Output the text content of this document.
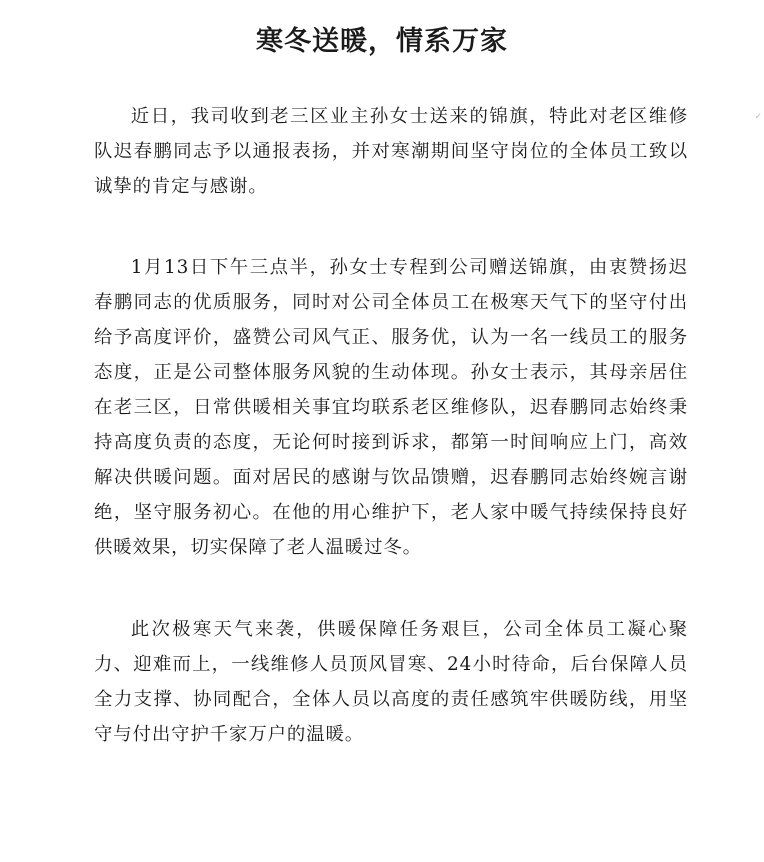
寒冬送暖，情系万家

近日，我司收到老三区业主孙女士送来的锦旗，特此对老区维修队迟春鹏同志予以通报表扬，并对寒潮期间坚守岗位的全体员工致以诚挚的肯定与感谢。

1月13日下午三点半，孙女士专程到公司赠送锦旗，由衷赞扬迟春鹏同志的优质服务，同时对公司全体员工在极寒天气下的坚守付出给予高度评价，盛赞公司风气正、服务优，认为一名一线员工的服务态度，正是公司整体服务风貌的生动体现。孙女士表示，其母亲居住在老三区，日常供暖相关事宜均联系老区维修队，迟春鹏同志始终秉持高度负责的态度，无论何时接到诉求，都第一时间响应上门，高效解决供暖问题。面对居民的感谢与饮品馈赠，迟春鹏同志始终婉言谢绝，坚守服务初心。在他的用心维护下，老人家中暖气持续保持良好供暖效果，切实保障了老人温暖过冬。

此次极寒天气来袭，供暖保障任务艰巨，公司全体员工凝心聚力、迎难而上，一线维修人员顶风冒寒、24小时待命，后台保障人员全力支撑、协同配合，全体人员以高度的责任感筑牢供暖防线，用坚守与付出守护千家万户的温暖。

✓
